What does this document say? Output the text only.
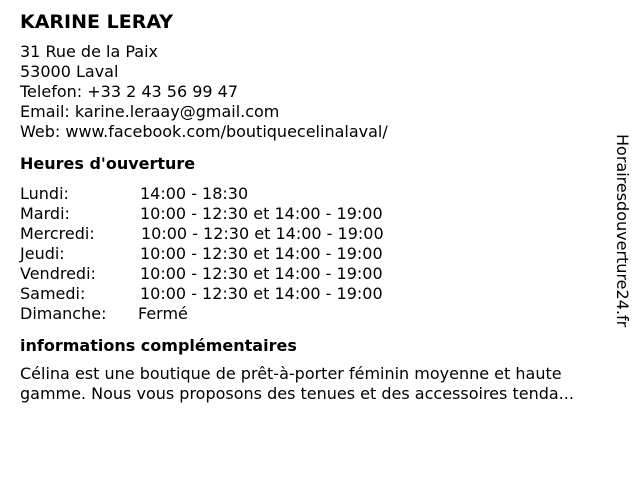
KARINE LERAY
31 Rue de la Paix
53000 Laval
Telefon: +33 2 43 56 99 47
Email: karine.leraay@gmail.com
Web: www.facebook.com/boutiquecelinalaval/
Heures d'ouverture
Lundi:	14:00 - 18:30
Mardi:	10:00 - 12:30 et 14:00 - 19:00
Mercredi:	10:00 - 12:30 et 14:00 - 19:00
Jeudi:	10:00 - 12:30 et 14:00 - 19:00
Vendredi:	10:00 - 12:30 et 14:00 - 19:00
Samedi:	10:00 - 12:30 et 14:00 - 19:00
Dimanche: Fermé
informations complémentaires
Célina est une boutique de prêt-à-porter féminin moyenne et haute gamme. Nous vous proposons des tenues et des accessoires tenda...
Horairesdouverture24.fr
